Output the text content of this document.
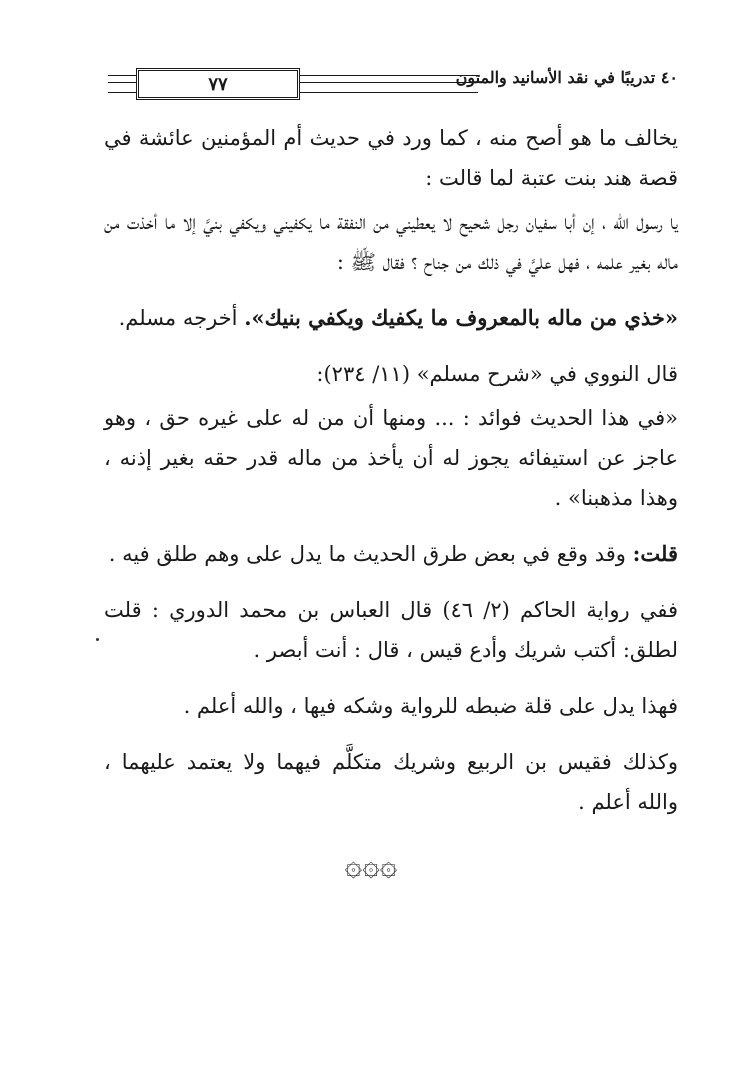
٧٧	٤٠ تدريبًا في نقد الأسانيد والمتون

يخالف ما هو أصح منه ، كما ورد في حديث أم المؤمنين عائشة في قصة هند بنت عتبة لما قالت :

يا رسول الله ، إن أبا سفيان رجل شحيح لا يعطيني من النفقة ما يكفيني ويكفي بنيَّ إلا ما أخذت من ماله بغير علمه ، فهل عليَّ في ذلك من جناح ؟ فقال ﷺ :

«خذي من ماله بالمعروف ما يكفيك ويكفي بنيك». أخرجه مسلم.

قال النووي في «شرح مسلم» (١١/ ٢٣٤):

«في هذا الحديث فوائد : ... ومنها أن من له على غيره حق ، وهو عاجز عن استيفائه يجوز له أن يأخذ من ماله قدر حقه بغير إذنه ، وهذا مذهبنا» .

قلت: وقد وقع في بعض طرق الحديث ما يدل على وهم طلق فيه .

ففي رواية الحاكم (٢/ ٤٦) قال العباس بن محمد الدوري : قلت لطلق: أكتب شريك وأدع قيس ، قال : أنت أبصر .

فهذا يدل على قلة ضبطه للرواية وشكه فيها ، والله أعلم .

وكذلك فقيس بن الربيع وشريك متكلَّم فيهما ولا يعتمد عليهما ، والله أعلم .

۞۞۞
